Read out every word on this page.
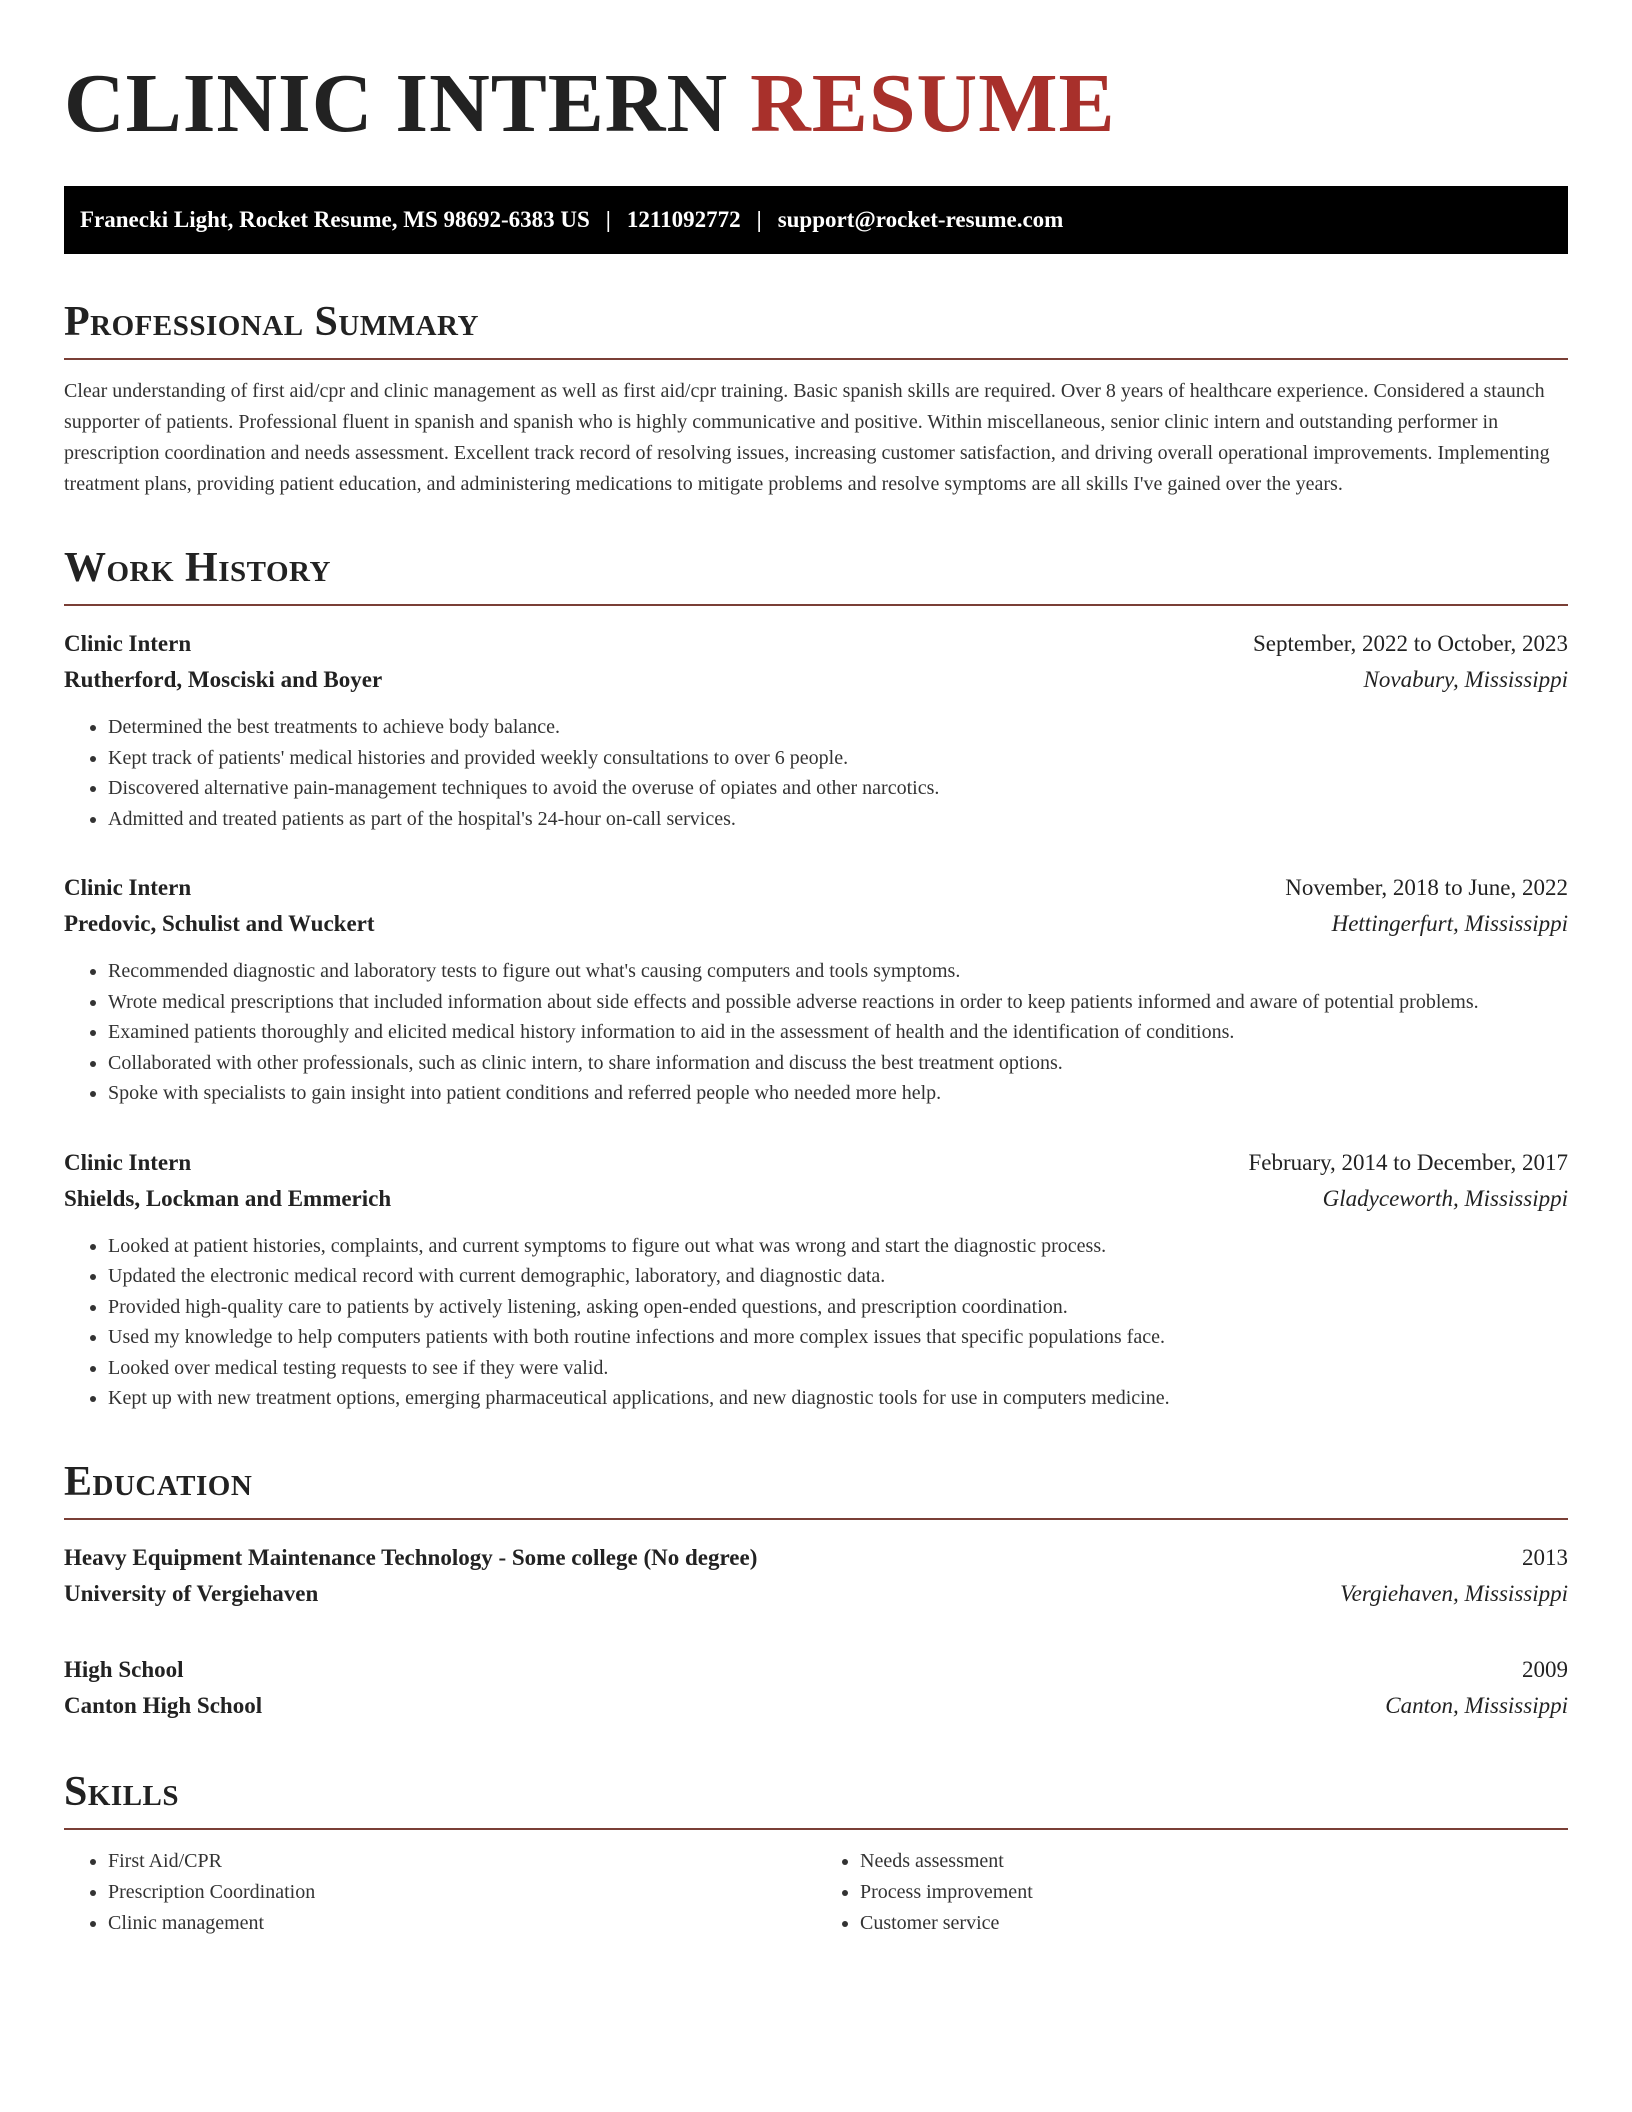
CLINIC INTERN RESUME
Franecki Light, Rocket Resume, MS 98692-6383 US | 1211092772 | support@rocket-resume.com
Professional Summary

Clear understanding of first aid/cpr and clinic management as well as first aid/cpr training. Basic spanish skills are required. Over 8 years of healthcare experience. Considered a staunch supporter of patients. Professional fluent in spanish and spanish who is highly communicative and positive. Within miscellaneous, senior clinic intern and outstanding performer in prescription coordination and needs assessment. Excellent track record of resolving issues, increasing customer satisfaction, and driving overall operational improvements. Implementing treatment plans, providing patient education, and administering medications to mitigate problems and resolve symptoms are all skills I've gained over the years.

Work History
Clinic Intern	September, 2022 to October, 2023
Rutherford, Mosciski and Boyer	Novabury, Mississippi
• Determined the best treatments to achieve body balance.
• Kept track of patients' medical histories and provided weekly consultations to over 6 people.
• Discovered alternative pain-management techniques to avoid the overuse of opiates and other narcotics.
• Admitted and treated patients as part of the hospital's 24-hour on-call services.
Clinic Intern	November, 2018 to June, 2022
Predovic, Schulist and Wuckert	Hettingerfurt, Mississippi
• Recommended diagnostic and laboratory tests to figure out what's causing computers and tools symptoms.
• Wrote medical prescriptions that included information about side effects and possible adverse reactions in order to keep patients informed and aware of potential problems.
• Examined patients thoroughly and elicited medical history information to aid in the assessment of health and the identification of conditions.
• Collaborated with other professionals, such as clinic intern, to share information and discuss the best treatment options.
• Spoke with specialists to gain insight into patient conditions and referred people who needed more help.
Clinic Intern	February, 2014 to December, 2017
Shields, Lockman and Emmerich	Gladyceworth, Mississippi
• Looked at patient histories, complaints, and current symptoms to figure out what was wrong and start the diagnostic process.
• Updated the electronic medical record with current demographic, laboratory, and diagnostic data.
• Provided high-quality care to patients by actively listening, asking open-ended questions, and prescription coordination.
• Used my knowledge to help computers patients with both routine infections and more complex issues that specific populations face.
• Looked over medical testing requests to see if they were valid.
• Kept up with new treatment options, emerging pharmaceutical applications, and new diagnostic tools for use in computers medicine.
Education
Heavy Equipment Maintenance Technology - Some college (No degree)	2013
University of Vergiehaven	Vergiehaven, Mississippi
High School	2009
Canton High School	Canton, Mississippi
Skills
• First Aid/CPR
• Prescription Coordination
• Clinic management
• Needs assessment
• Process improvement
• Customer service
